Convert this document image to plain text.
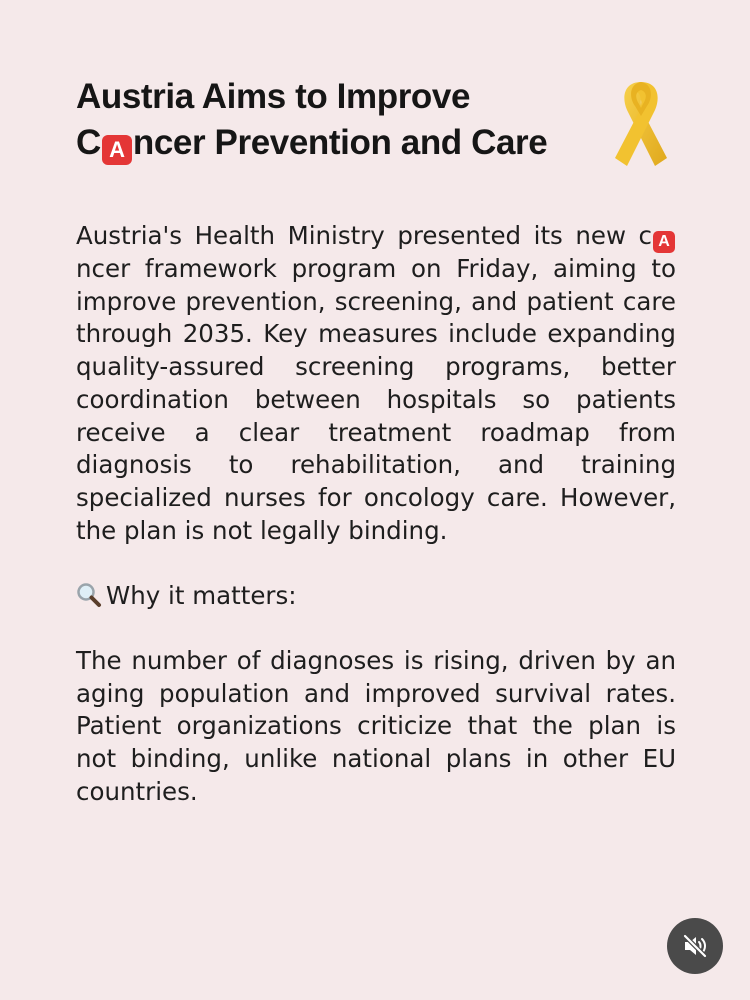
Austria Aims to Improve
C A ncer Prevention and Care

Austria's Health Ministry presented its new c Ancer framework program on Friday, aiming to improve prevention, screening, and patient care through 2035. Key measures include expanding quality-assured screening programs, better coordination between hospitals so patients receive a clear treatment roadmap from diagnosis to rehabilitation, and training specialized nurses for oncology care. However, the plan is not legally binding.

Why it matters:

The number of diagnoses is rising, driven by an aging population and improved survival rates. Patient organizations criticize that the plan is not binding, unlike national plans in other EU countries.
